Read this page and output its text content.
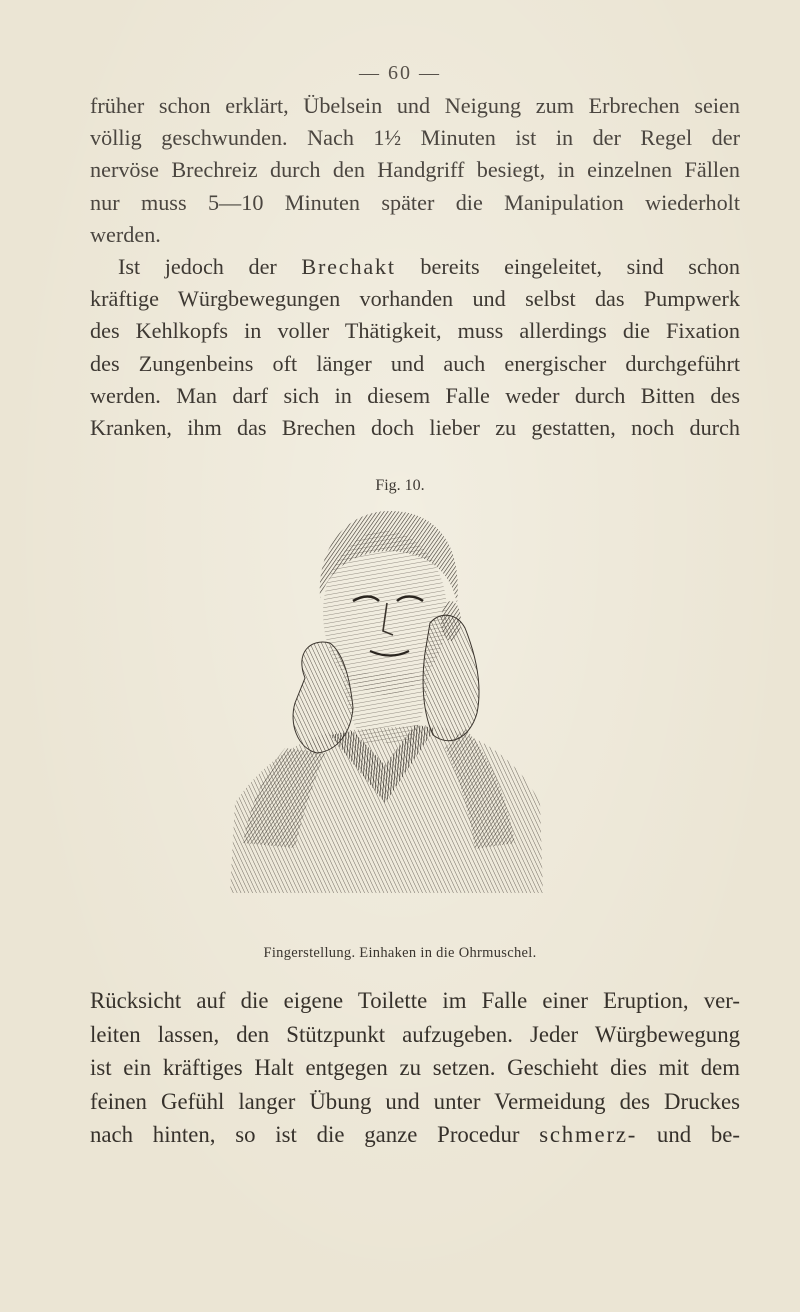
— 60 —

früher schon erklärt, Übelsein und Neigung zum Erbrechen seien
völlig geschwunden. Nach 1½ Minuten ist in der Regel der
nervöse Brechreiz durch den Handgriff besiegt, in einzelnen Fällen
nur muss 5—10 Minuten später die Manipulation wiederholt
werden.

Ist jedoch der Brechakt bereits eingeleitet, sind schon
kräftige Würgbewegungen vorhanden und selbst das Pumpwerk
des Kehlkopfs in voller Thätigkeit, muss allerdings die Fixation
des Zungenbeins oft länger und auch energischer durchgeführt
werden. Man darf sich in diesem Falle weder durch Bitten des
Kranken, ihm das Brechen doch lieber zu gestatten, noch durch

Fig. 10.
Fingerstellung. Einhaken in die Ohrmuschel.

Rücksicht auf die eigene Toilette im Falle einer Eruption, ver-
leiten lassen, den Stützpunkt aufzugeben. Jeder Würgbewegung
ist ein kräftiges Halt entgegen zu setzen. Geschieht dies mit dem
feinen Gefühl langer Übung und unter Vermeidung des Druckes
nach hinten, so ist die ganze Procedur schmerz- und be-
